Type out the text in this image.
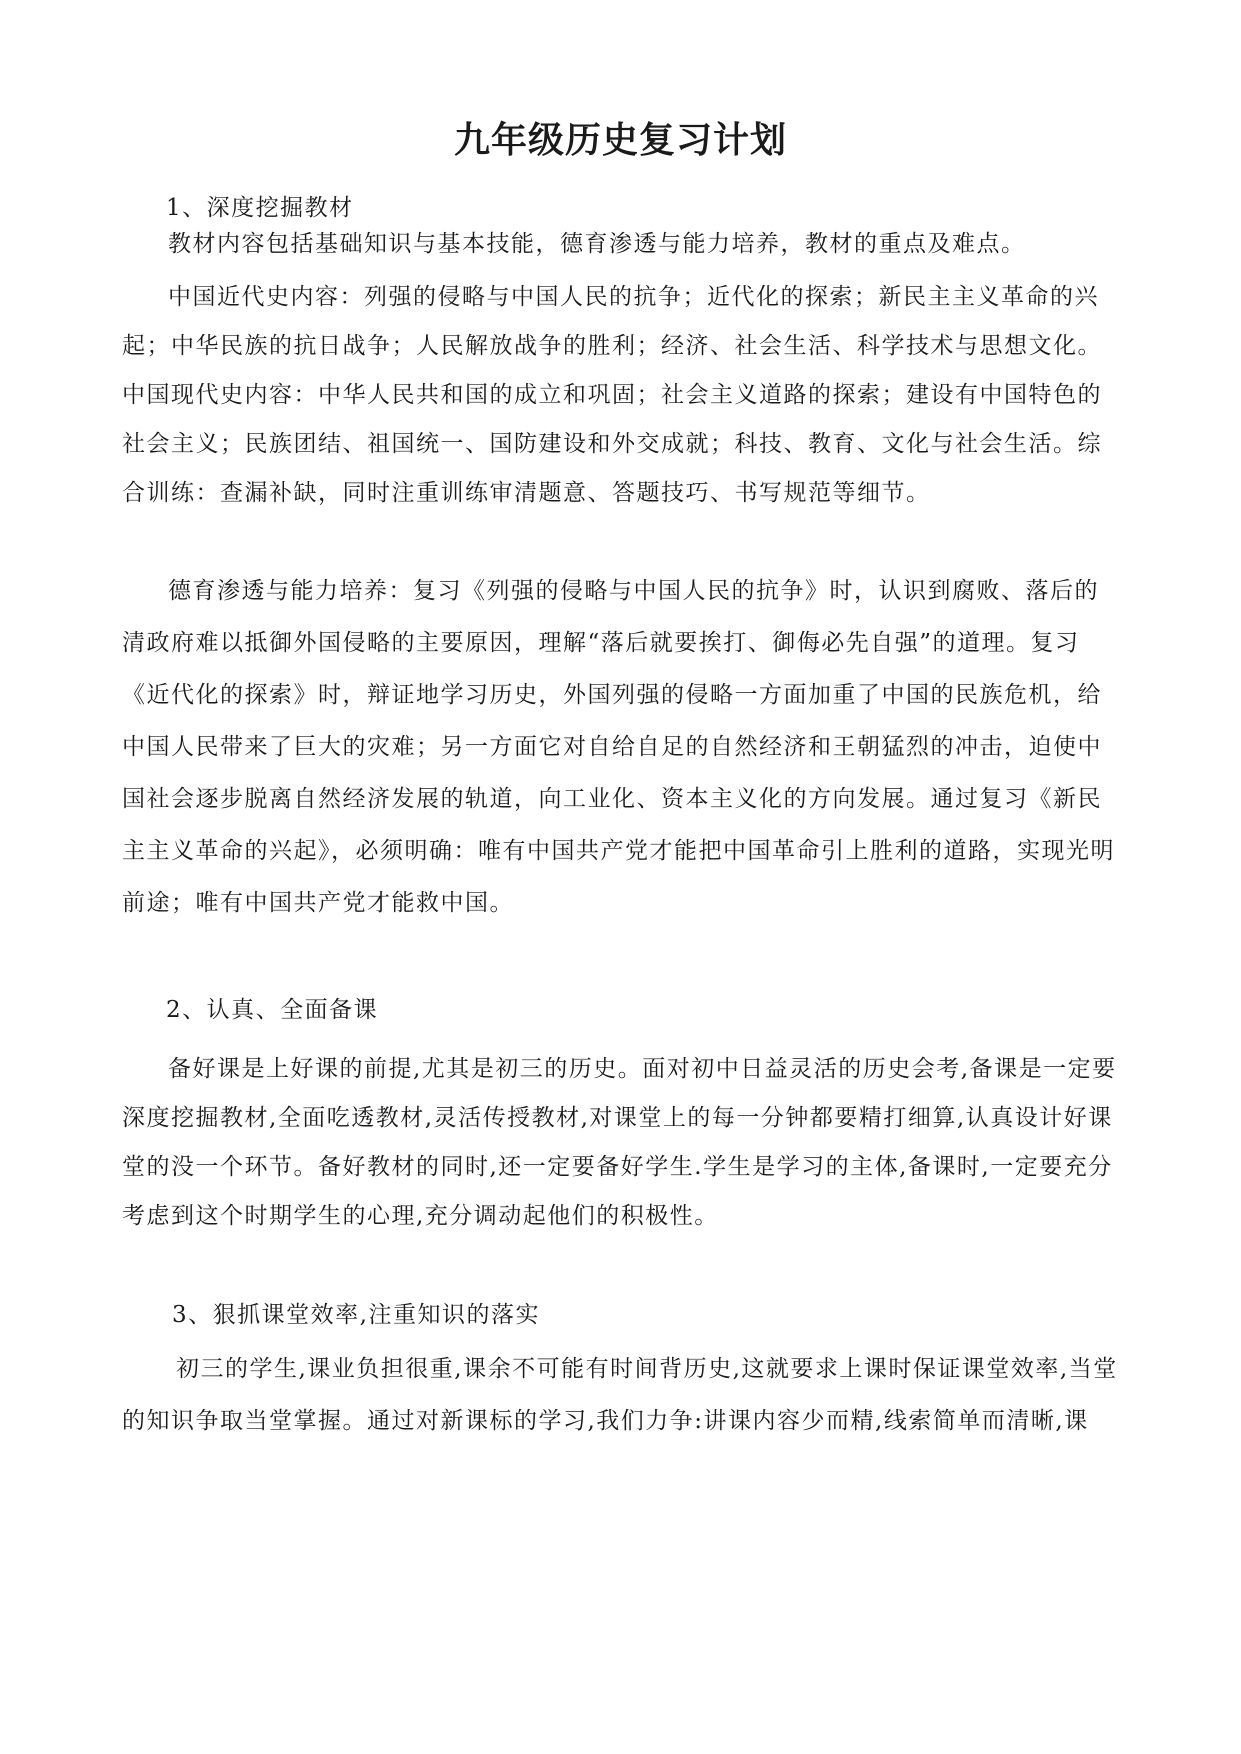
九年级历史复习计划
1、深度挖掘教材

教材内容包括基础知识与基本技能，德育渗透与能力培养，教材的重点及难点。

中国近代史内容：列强的侵略与中国人民的抗争；近代化的探索；新民主主义革命的兴起；中华民族的抗日战争；人民解放战争的胜利；经济、社会生活、科学技术与思想文化。中国现代史内容：中华人民共和国的成立和巩固；社会主义道路的探索；建设有中国特色的社会主义；民族团结、祖国统一、国防建设和外交成就；科技、教育、文化与社会生活。综合训练：查漏补缺，同时注重训练审清题意、答题技巧、书写规范等细节。

德育渗透与能力培养：复习《列强的侵略与中国人民的抗争》时，认识到腐败、落后的清政府难以抵御外国侵略的主要原因，理解“落后就要挨打、御侮必先自强”的道理。复习《近代化的探索》时，辩证地学习历史，外国列强的侵略一方面加重了中国的民族危机，给中国人民带来了巨大的灾难；另一方面它对自给自足的自然经济和王朝猛烈的冲击，迫使中国社会逐步脱离自然经济发展的轨道，向工业化、资本主义化的方向发展。通过复习《新民主主义革命的兴起》，必须明确：唯有中国共产党才能把中国革命引上胜利的道路，实现光明前途；唯有中国共产党才能救中国。

2、认真、全面备课

备好课是上好课的前提,尤其是初三的历史。面对初中日益灵活的历史会考,备课是一定要深度挖掘教材,全面吃透教材,灵活传授教材,对课堂上的每一分钟都要精打细算,认真设计好课堂的没一个环节。备好教材的同时,还一定要备好学生.学生是学习的主体,备课时,一定要充分考虑到这个时期学生的心理,充分调动起他们的积极性。

3、狠抓课堂效率,注重知识的落实

初三的学生,课业负担很重,课余不可能有时间背历史,这就要求上课时保证课堂效率,当堂的知识争取当堂掌握。通过对新课标的学习,我们力争:讲课内容少而精,线索简单而清晰,课
